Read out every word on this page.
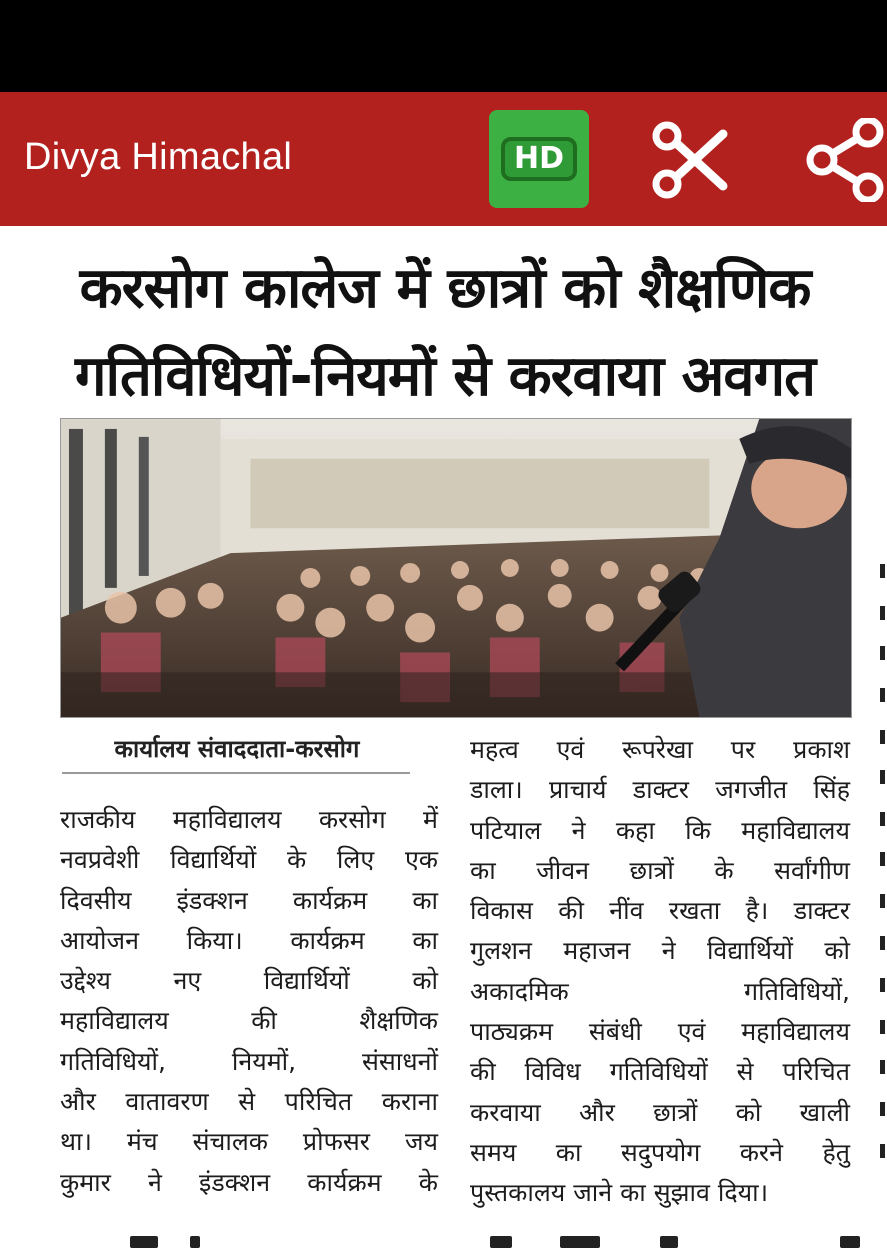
Divya Himachal	HD
करसोग कालेज में छात्रों को शैक्षणिक
गतिविधियों-नियमों से करवाया अवगत
कार्यालय संवाददाता-करसोग

राजकीय महाविद्यालय करसोग में

नवप्रवेशी विद्यार्थियों के लिए एक

दिवसीय इंडक्शन कार्यक्रम का

आयोजन किया। कार्यक्रम का

उद्देश्य नए विद्यार्थियों को

महाविद्यालय की शैक्षणिक

गतिविधियों, नियमों, संसाधनों

और वातावरण से परिचित कराना

था। मंच संचालक प्रोफसर जय

कुमार ने इंडक्शन कार्यक्रम के

महत्व एवं रूपरेखा पर प्रकाश

डाला। प्राचार्य डाक्टर जगजीत सिंह

पटियाल ने कहा कि महाविद्यालय

का जीवन छात्रों के सर्वांगीण

विकास की नींव रखता है। डाक्टर

गुलशन महाजन ने विद्यार्थियों को

अकादमिक गतिविधियों,

पाठ्यक्रम संबंधी एवं महाविद्यालय

की विविध गतिविधियों से परिचित

करवाया और छात्रों को खाली

समय का सदुपयोग करने हेतु

पुस्तकालय जाने का सुझाव दिया।
